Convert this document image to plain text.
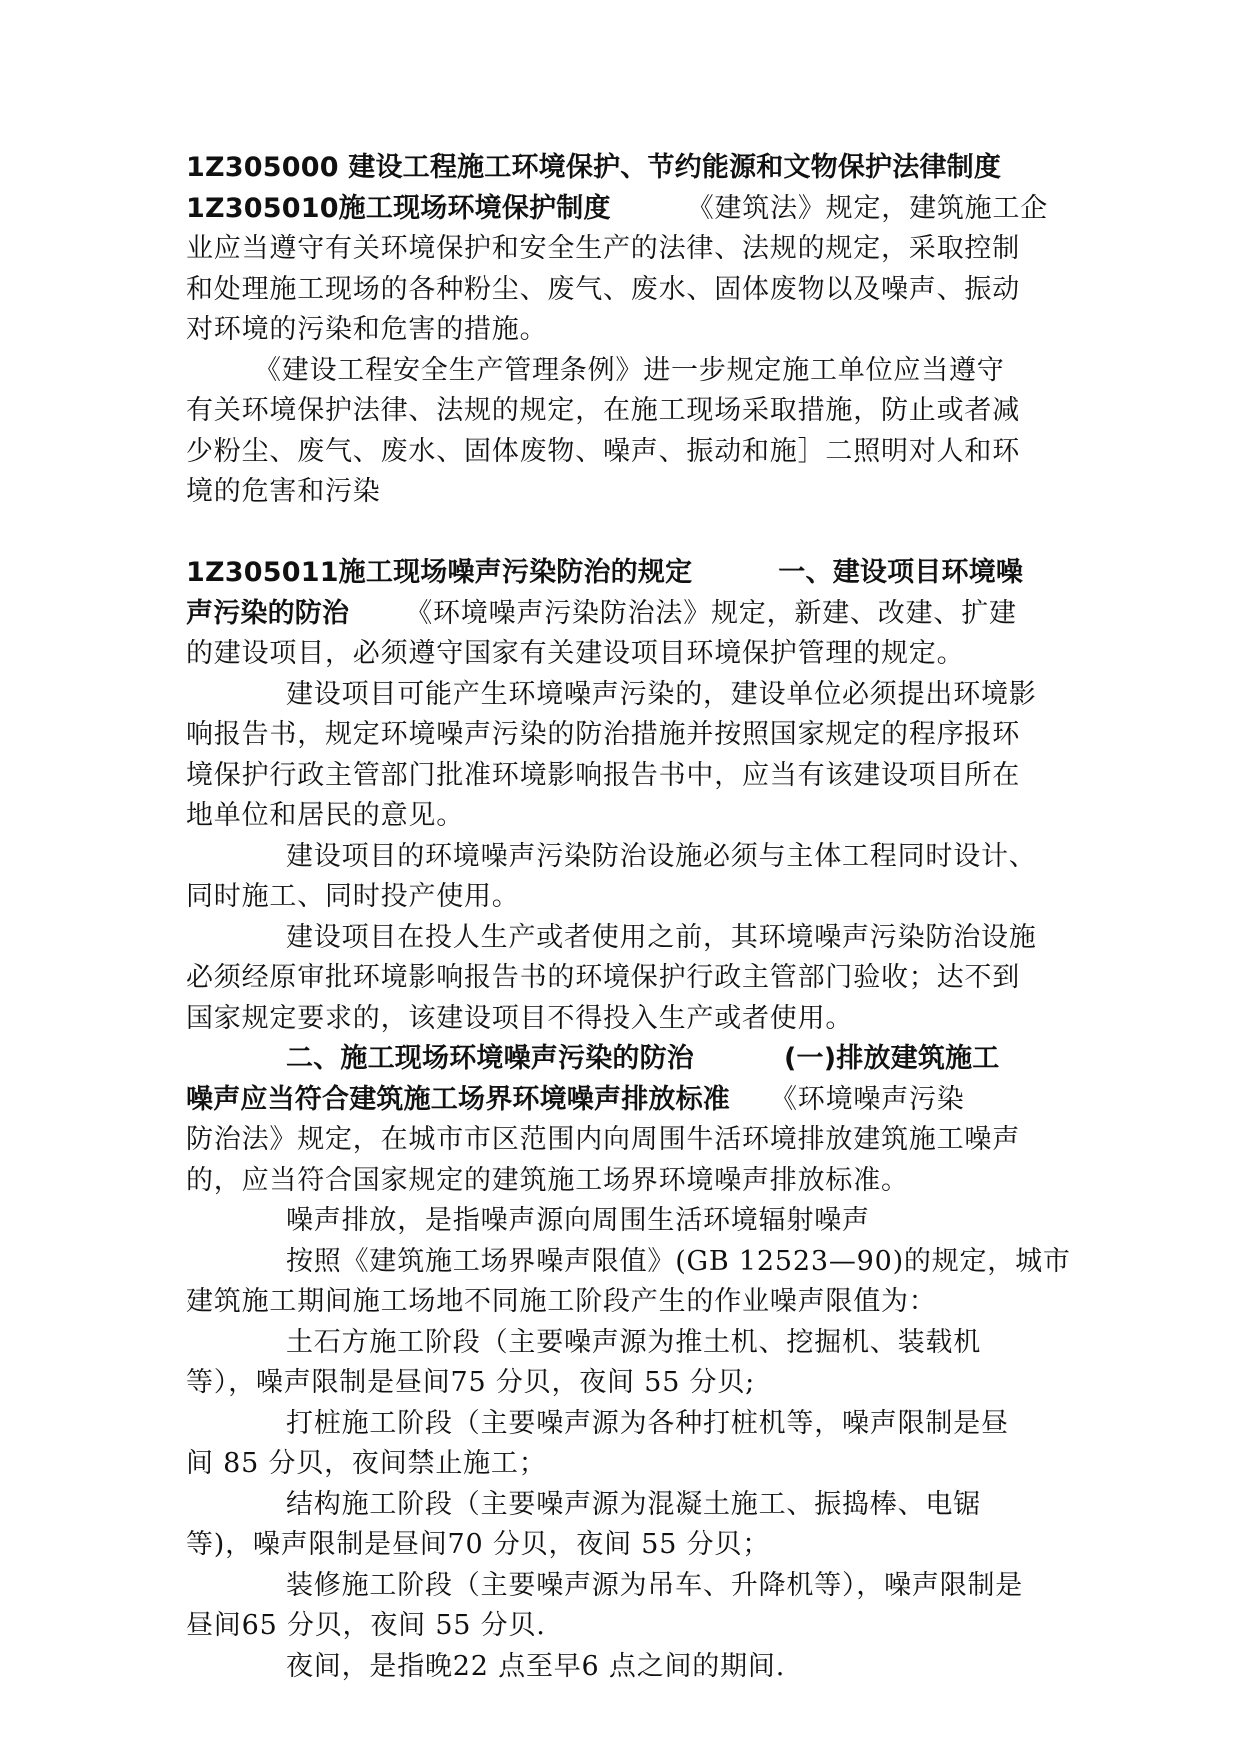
1Z305000 建设工程施工环境保护、节约能源和文物保护法律制度
1Z305010施工现场环境保护制度	《建筑法》规定，建筑施工企
业应当遵守有关环境保护和安全生产的法律、法规的规定，采取控制
和处理施工现场的各种粉尘、废气、废水、固体废物以及噪声、振动
对环境的污染和危害的措施。
《建设工程安全生产管理条例》进一步规定施工单位应当遵守
有关环境保护法律、法规的规定，在施工现场采取措施，防止或者减
少粉尘、废气、废水、固体废物、噪声、振动和施］二照明对人和环
境的危害和污染
1Z305011施工现场噪声污染防治的规定	一、建设项目环境噪
声污染的防治 《环境噪声污染防治法》规定，新建、改建、扩建
的建设项目，必须遵守国家有关建设项目环境保护管理的规定。
建设项目可能产生环境噪声污染的，建设单位必须提出环境影
响报告书，规定环境噪声污染的防治措施并按照国家规定的程序报环
境保护行政主管部门批准环境影响报告书中，应当有该建设项目所在
地单位和居民的意见。
建设项目的环境噪声污染防治设施必须与主体工程同时设计、
同时施工、同时投产使用。
建设项目在投人生产或者使用之前，其环境噪声污染防治设施
必须经原审批环境影响报告书的环境保护行政主管部门验收；达不到
国家规定要求的，该建设项目不得投入生产或者使用。
二、施工现场环境噪声污染的防治	(一)排放建筑施工
噪声应当符合建筑施工场界环境噪声排放标准 《环境噪声污染
防治法》规定，在城市市区范围内向周围牛活环境排放建筑施工噪声
的，应当符合国家规定的建筑施工场界环境噪声排放标准。
噪声排放，是指噪声源向周围生活环境辐射噪声
按照《建筑施工场界噪声限值》(GB 12523—90)的规定，城市
建筑施工期间施工场地不同施工阶段产生的作业噪声限值为：
土石方施工阶段（主要噪声源为推土机、挖掘机、装载机
等），噪声限制是昼间75 分贝，夜间 55 分贝;
打桩施工阶段（主要噪声源为各种打桩机等，噪声限制是昼
间 85 分贝，夜间禁止施工；
结构施工阶段（主要噪声源为混凝土施工、振捣棒、电锯
等)，噪声限制是昼间70 分贝，夜间 55 分贝；
装修施工阶段（主要噪声源为吊车、升降机等），噪声限制是
昼间65 分贝，夜间 55 分贝.
夜间，是指晚22 点至早6 点之间的期间.
